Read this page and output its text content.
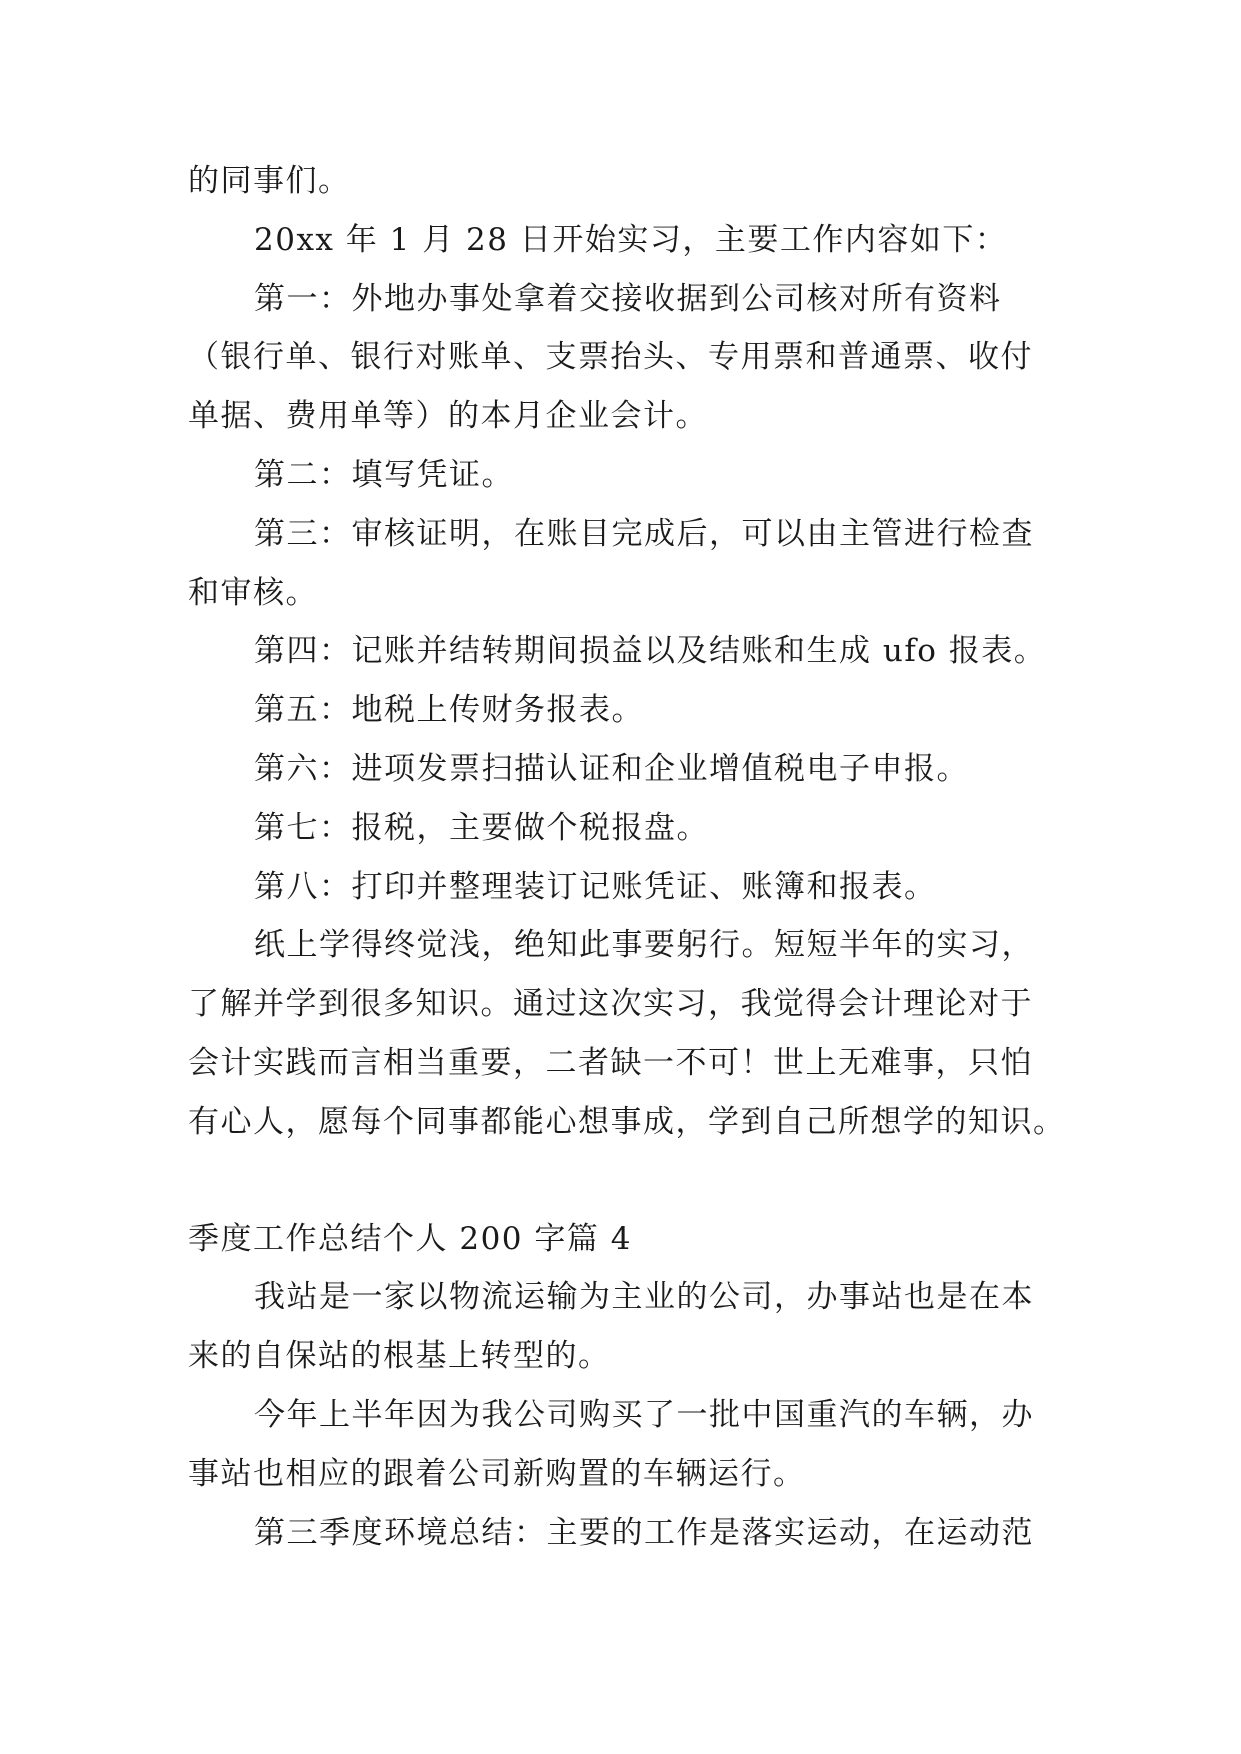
的同事们。
20xx 年 1 月 28 日开始实习，主要工作内容如下：
第一：外地办事处拿着交接收据到公司核对所有资料
（银行单、银行对账单、支票抬头、专用票和普通票、收付
单据、费用单等）的本月企业会计。
第二：填写凭证。
第三：审核证明，在账目完成后，可以由主管进行检查
和审核。
第四：记账并结转期间损益以及结账和生成 ufo 报表。
第五：地税上传财务报表。
第六：进项发票扫描认证和企业增值税电子申报。
第七：报税，主要做个税报盘。
第八：打印并整理装订记账凭证、账簿和报表。
纸上学得终觉浅，绝知此事要躬行。短短半年的实习，
了解并学到很多知识。通过这次实习，我觉得会计理论对于
会计实践而言相当重要，二者缺一不可！世上无难事，只怕
有心人，愿每个同事都能心想事成，学到自己所想学的知识。
季度工作总结个人 200 字篇 4
我站是一家以物流运输为主业的公司，办事站也是在本
来的自保站的根基上转型的。
今年上半年因为我公司购买了一批中国重汽的车辆，办
事站也相应的跟着公司新购置的车辆运行。
第三季度环境总结：主要的工作是落实运动，在运动范
